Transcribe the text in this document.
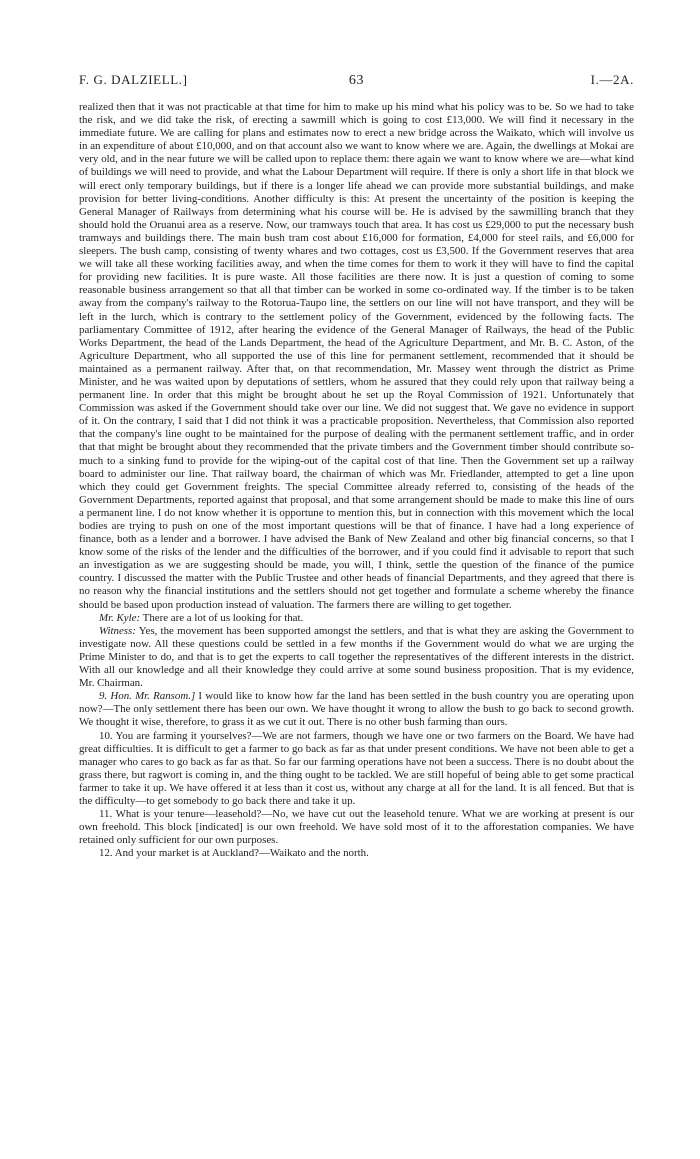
F. G. DALZIELL.]	63	I.—2A.

realized then that it was not practicable at that time for him to make up his mind what his policy was to be. So we had to take the risk, and we did take the risk, of erecting a sawmill which is going to cost £13,000. We will find it necessary in the immediate future. We are calling for plans and estimates now to erect a new bridge across the Waikato, which will involve us in an expenditure of about £10,000, and on that account also we want to know where we are. Again, the dwellings at Mokai are very old, and in the near future we will be called upon to replace them: there again we want to know where we are—what kind of buildings we will need to provide, and what the Labour Department will require. If there is only a short life in that block we will erect only temporary buildings, but if there is a longer life ahead we can provide more substantial buildings, and make provision for better living-conditions. Another difficulty is this: At present the uncertainty of the position is keeping the General Manager of Railways from determining what his course will be. He is advised by the sawmilling branch that they should hold the Oruanui area as a reserve. Now, our tramways touch that area. It has cost us £29,000 to put the necessary bush tramways and buildings there. The main bush tram cost about £16,000 for formation, £4,000 for steel rails, and £6,000 for sleepers. The bush camp, consisting of twenty whares and two cottages, cost us £3,500. If the Government reserves that area we will take all these working facilities away, and when the time comes for them to work it they will have to find the capital for providing new facilities. It is pure waste. All those facilities are there now. It is just a question of coming to some reasonable business arrangement so that all that timber can be worked in some co-ordinated way. If the timber is to be taken away from the company's railway to the Rotorua-Taupo line, the settlers on our line will not have transport, and they will be left in the lurch, which is contrary to the settlement policy of the Government, evidenced by the following facts. The parliamentary Committee of 1912, after hearing the evidence of the General Manager of Railways, the head of the Public Works Department, the head of the Lands Department, the head of the Agriculture Department, and Mr. B. C. Aston, of the Agriculture Department, who all supported the use of this line for permanent settlement, recommended that it should be maintained as a permanent railway. After that, on that recommendation, Mr. Massey went through the district as Prime Minister, and he was waited upon by deputations of settlers, whom he assured that they could rely upon that railway being a permanent line. In order that this might be brought about he set up the Royal Commission of 1921. Unfortunately that Commission was asked if the Government should take over our line. We did not suggest that. We gave no evidence in support of it. On the contrary, I said that I did not think it was a practicable proposition. Nevertheless, that Commission also reported that the company's line ought to be maintained for the purpose of dealing with the permanent settlement traffic, and in order that that might be brought about they recommended that the private timbers and the Government timber should contribute so-much to a sinking fund to provide for the wiping-out of the capital cost of that line. Then the Government set up a railway board to administer our line. That railway board, the chairman of which was Mr. Friedlander, attempted to get a line upon which they could get Government freights. The special Committee already referred to, consisting of the heads of the Government Departments, reported against that proposal, and that some arrangement should be made to make this line of ours a permanent line. I do not know whether it is opportune to mention this, but in connection with this movement which the local bodies are trying to push on one of the most important questions will be that of finance. I have had a long experience of finance, both as a lender and a borrower. I have advised the Bank of New Zealand and other big financial concerns, so that I know some of the risks of the lender and the difficulties of the borrower, and if you could find it advisable to report that such an investigation as we are suggesting should be made, you will, I think, settle the question of the finance of the pumice country. I discussed the matter with the Public Trustee and other heads of financial Departments, and they agreed that there is no reason why the financial institutions and the settlers should not get together and formulate a scheme whereby the finance should be based upon production instead of valuation. The farmers there are willing to get together.

Mr. Kyle: There are a lot of us looking for that.

Witness: Yes, the movement has been supported amongst the settlers, and that is what they are asking the Government to investigate now. All these questions could be settled in a few months if the Government would do what we are urging the Prime Minister to do, and that is to get the experts to call together the representatives of the different interests in the district. With all our knowledge and all their knowledge they could arrive at some sound business proposition. That is my evidence, Mr. Chairman.

9. Hon. Mr. Ransom.] I would like to know how far the land has been settled in the bush country you are operating upon now?—The only settlement there has been our own. We have thought it wrong to allow the bush to go back to second growth. We thought it wise, therefore, to grass it as we cut it out. There is no other bush farming than ours.

10. You are farming it yourselves?—We are not farmers, though we have one or two farmers on the Board. We have had great difficulties. It is difficult to get a farmer to go back as far as that under present conditions. We have not been able to get a manager who cares to go back as far as that. So far our farming operations have not been a success. There is no doubt about the grass there, but ragwort is coming in, and the thing ought to be tackled. We are still hopeful of being able to get some practical farmer to take it up. We have offered it at less than it cost us, without any charge at all for the land. It is all fenced. But that is the difficulty—to get somebody to go back there and take it up.

11. What is your tenure—leasehold?—No, we have cut out the leasehold tenure. What we are working at present is our own freehold. This block [indicated] is our own freehold. We have sold most of it to the afforestation companies. We have retained only sufficient for our own purposes.

12. And your market is at Auckland?—Waikato and the north.
